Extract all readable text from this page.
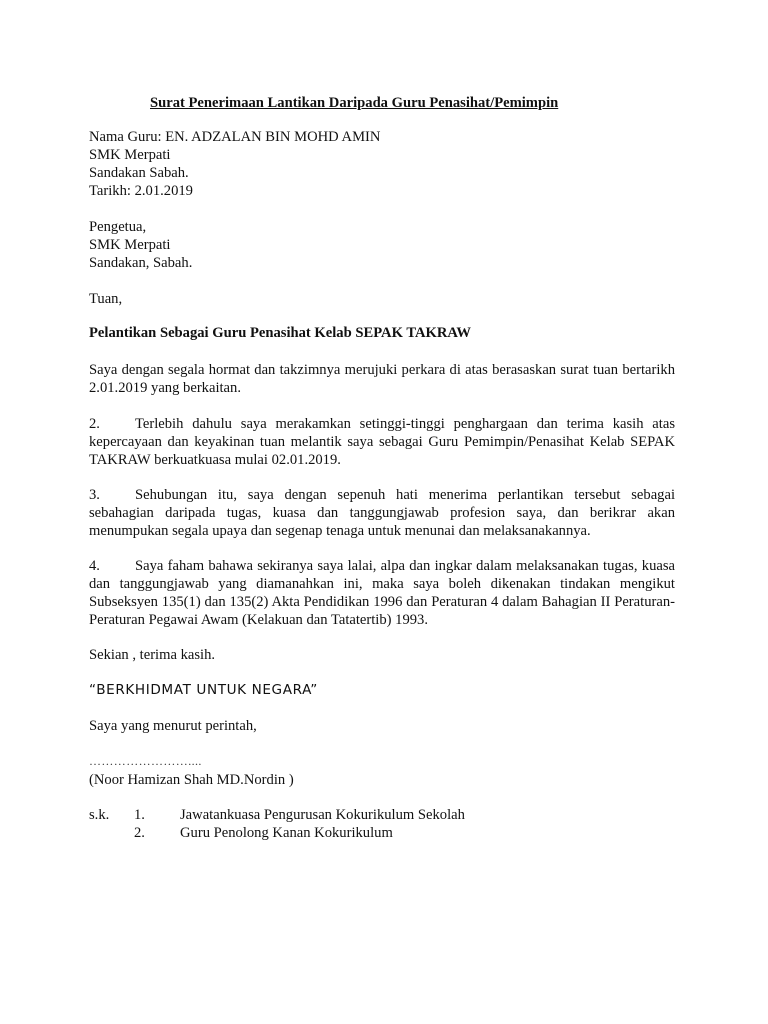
Surat Penerimaan Lantikan Daripada Guru Penasihat/Pemimpin
Nama Guru: EN. ADZALAN BIN MOHD AMIN
SMK Merpati
Sandakan Sabah.
Tarikh: 2.01.2019
Pengetua,
SMK Merpati
Sandakan, Sabah.
Tuan,
Pelantikan Sebagai Guru Penasihat Kelab SEPAK TAKRAW
Saya dengan segala hormat dan takzimnya merujuki perkara di atas berasaskan surat tuan bertarikh 2.01.2019 yang berkaitan.
2. Terlebih dahulu saya merakamkan setinggi-tinggi penghargaan dan terima kasih atas kepercayaan dan keyakinan tuan melantik saya sebagai Guru Pemimpin/Penasihat Kelab SEPAK TAKRAW berkuatkuasa mulai 02.01.2019.
3. Sehubungan itu, saya dengan sepenuh hati menerima perlantikan tersebut sebagai sebahagian daripada tugas, kuasa dan tanggungjawab profesion saya, dan berikrar akan menumpukan segala upaya dan segenap tenaga untuk menunai dan melaksanakannya.
4. Saya faham bahawa sekiranya saya lalai, alpa dan ingkar dalam melaksanakan tugas, kuasa dan tanggungjawab yang diamanahkan ini, maka saya boleh dikenakan tindakan mengikut Subseksyen 135(1) dan 135(2) Akta Pendidikan 1996 dan Peraturan 4 dalam Bahagian II Peraturan-Peraturan Pegawai Awam (Kelakuan dan Tatatertib) 1993.
Sekian , terima kasih.
“BERKHIDMAT UNTUK NEGARA”
Saya yang menurut perintah,
……………………....
(Noor Hamizan Shah MD.Nordin )
s.k. 1. Jawatankuasa Pengurusan Kokurikulum Sekolah
2. Guru Penolong Kanan Kokurikulum
